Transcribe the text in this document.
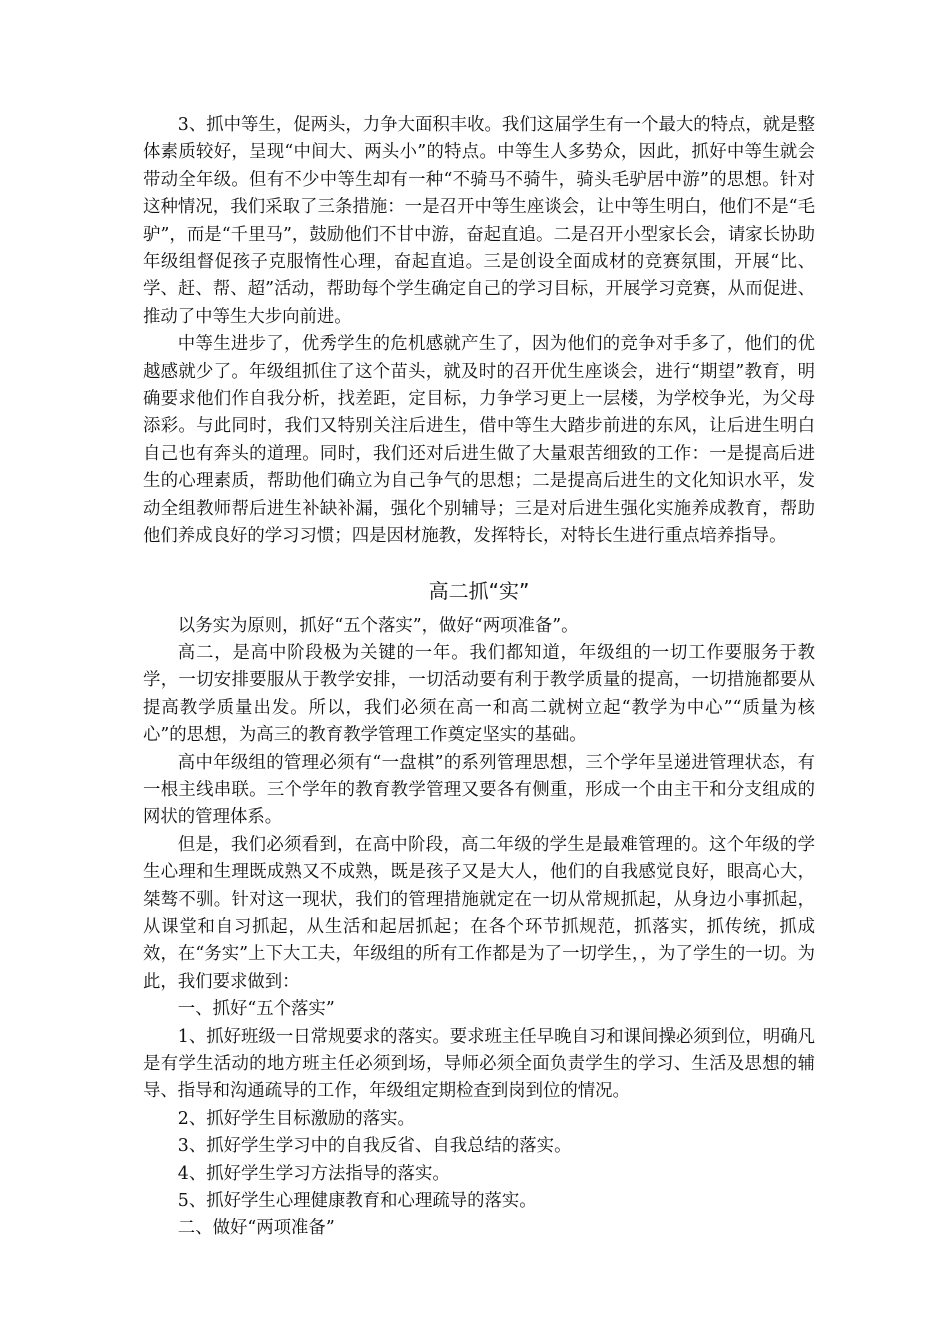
3、抓中等生，促两头，力争大面积丰收。我们这届学生有一个最大的特点，就是整体素质较好，呈现“中间大、两头小”的特点。中等生人多势众，因此，抓好中等生就会带动全年级。但有不少中等生却有一种“不骑马不骑牛，骑头毛驴居中游”的思想。针对这种情况，我们采取了三条措施：一是召开中等生座谈会，让中等生明白，他们不是“毛驴”，而是“千里马”，鼓励他们不甘中游，奋起直追。二是召开小型家长会，请家长协助年级组督促孩子克服惰性心理，奋起直追。三是创设全面成材的竞赛氛围，开展“比、学、赶、帮、超”活动，帮助每个学生确定自己的学习目标，开展学习竞赛，从而促进、推动了中等生大步向前进。

中等生进步了，优秀学生的危机感就产生了，因为他们的竞争对手多了，他们的优越感就少了。年级组抓住了这个苗头，就及时的召开优生座谈会，进行“期望”教育，明确要求他们作自我分析，找差距，定目标，力争学习更上一层楼，为学校争光，为父母添彩。与此同时，我们又特别关注后进生，借中等生大踏步前进的东风，让后进生明白自己也有奔头的道理。同时，我们还对后进生做了大量艰苦细致的工作：一是提高后进生的心理素质，帮助他们确立为自己争气的思想；二是提高后进生的文化知识水平，发动全组教师帮后进生补缺补漏，强化个别辅导；三是对后进生强化实施养成教育，帮助他们养成良好的学习习惯；四是因材施教，发挥特长，对特长生进行重点培养指导。

高二抓“实”

以务实为原则，抓好“五个落实”，做好“两项准备”。

高二，是高中阶段极为关键的一年。我们都知道，年级组的一切工作要服务于教学，一切安排要服从于教学安排，一切活动要有利于教学质量的提高，一切措施都要从提高教学质量出发。所以，我们必须在高一和高二就树立起“教学为中心”“质量为核心”的思想，为高三的教育教学管理工作奠定坚实的基础。

高中年级组的管理必须有“一盘棋”的系列管理思想，三个学年呈递进管理状态，有一根主线串联。三个学年的教育教学管理又要各有侧重，形成一个由主干和分支组成的网状的管理体系。

但是，我们必须看到，在高中阶段，高二年级的学生是最难管理的。这个年级的学生心理和生理既成熟又不成熟，既是孩子又是大人，他们的自我感觉良好，眼高心大，桀骜不驯。针对这一现状，我们的管理措施就定在一切从常规抓起，从身边小事抓起，从课堂和自习抓起，从生活和起居抓起；在各个环节抓规范，抓落实，抓传统，抓成效，在“务实”上下大工夫，年级组的所有工作都是为了一切学生，，为了学生的一切。为此，我们要求做到：

一、抓好“五个落实”

1、抓好班级一日常规要求的落实。要求班主任早晚自习和课间操必须到位，明确凡是有学生活动的地方班主任必须到场，导师必须全面负责学生的学习、生活及思想的辅导、指导和沟通疏导的工作，年级组定期检查到岗到位的情况。

2、抓好学生目标激励的落实。

3、抓好学生学习中的自我反省、自我总结的落实。

4、抓好学生学习方法指导的落实。

5、抓好学生心理健康教育和心理疏导的落实。

二、做好“两项准备”
